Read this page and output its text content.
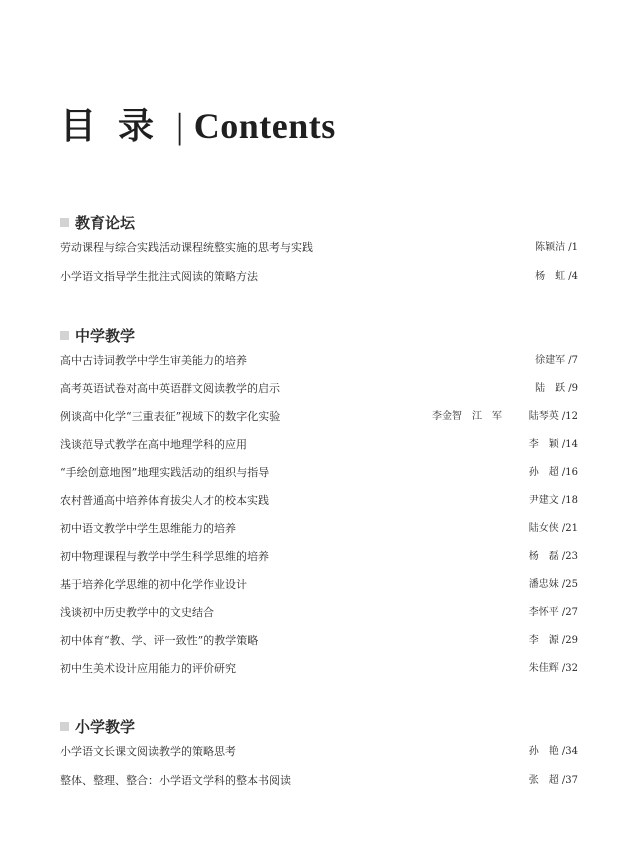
目录| Contents
教育论坛
劳动课程与综合实践活动课程统整实施的思考与实践	陈颖洁 /1
小学语文指导学生批注式阅读的策略方法	杨　虹 /4
中学教学
高中古诗词教学中学生审美能力的培养	徐建军 /7
高考英语试卷对高中英语群文阅读教学的启示	陆　跃 /9
例谈高中化学“三重表征”视域下的数字化实验	李金智　江　军	陆琴英 /12
浅谈范导式教学在高中地理学科的应用	李　颖 /14
“手绘创意地图”地理实践活动的组织与指导	孙　超 /16
农村普通高中培养体育拔尖人才的校本实践	尹建文 /18
初中语文教学中学生思维能力的培养	陆女侠 /21
初中物理课程与教学中学生科学思维的培养	杨　磊 /23
基于培养化学思维的初中化学作业设计	潘忠妹 /25
浅谈初中历史教学中的文史结合	李怀平 /27
初中体育“教、学、评一致性”的教学策略	李　源 /29
初中生美术设计应用能力的评价研究	朱佳辉 /32
小学教学
小学语文长课文阅读教学的策略思考	孙　艳 /34
整体、整理、整合：小学语文学科的整本书阅读	张　超 /37
